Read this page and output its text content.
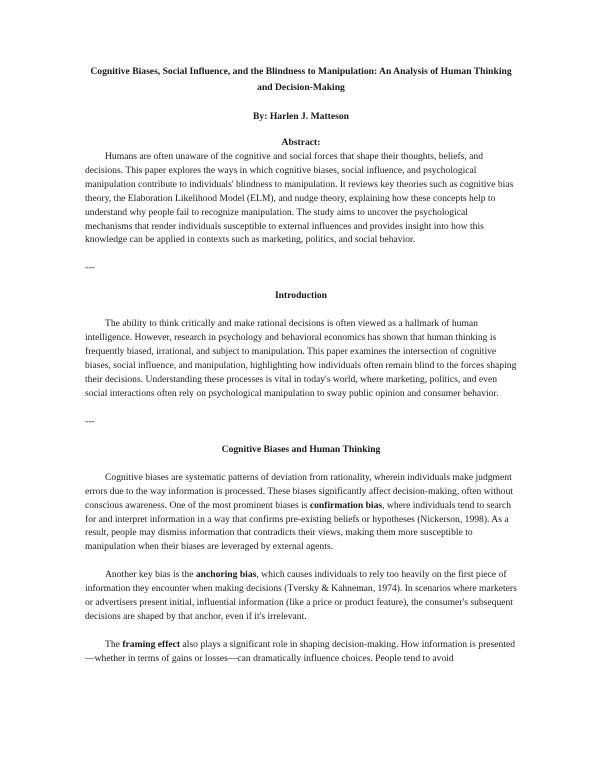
Cognitive Biases, Social Influence, and the Blindness to Manipulation: An Analysis of Human Thinking and Decision-Making
By: Harlen J. Matteson
Abstract:

Humans are often unaware of the cognitive and social forces that shape their thoughts, beliefs, and decisions. This paper explores the ways in which cognitive biases, social influence, and psychological manipulation contribute to individuals' blindness to manipulation. It reviews key theories such as cognitive bias theory, the Elaboration Likelihood Model (ELM), and nudge theory, explaining how these concepts help to understand why people fail to recognize manipulation. The study aims to uncover the psychological mechanisms that render individuals susceptible to external influences and provides insight into how this knowledge can be applied in contexts such as marketing, politics, and social behavior.

---
Introduction

The ability to think critically and make rational decisions is often viewed as a hallmark of human intelligence. However, research in psychology and behavioral economics has shown that human thinking is frequently biased, irrational, and subject to manipulation. This paper examines the intersection of cognitive biases, social influence, and manipulation, highlighting how individuals often remain blind to the forces shaping their decisions. Understanding these processes is vital in today's world, where marketing, politics, and even social interactions often rely on psychological manipulation to sway public opinion and consumer behavior.

---
Cognitive Biases and Human Thinking

Cognitive biases are systematic patterns of deviation from rationality, wherein individuals make judgment errors due to the way information is processed. These biases significantly affect decision-making, often without conscious awareness. One of the most prominent biases is confirmation bias, where individuals tend to search for and interpret information in a way that confirms pre-existing beliefs or hypotheses (Nickerson, 1998). As a result, people may dismiss information that contradicts their views, making them more susceptible to manipulation when their biases are leveraged by external agents.

Another key bias is the anchoring bias, which causes individuals to rely too heavily on the first piece of information they encounter when making decisions (Tversky & Kahneman, 1974). In scenarios where marketers or advertisers present initial, influential information (like a price or product feature), the consumer's subsequent decisions are shaped by that anchor, even if it's irrelevant.

The framing effect also plays a significant role in shaping decision-making. How information is presented—whether in terms of gains or losses—can dramatically influence choices. People tend to avoid
